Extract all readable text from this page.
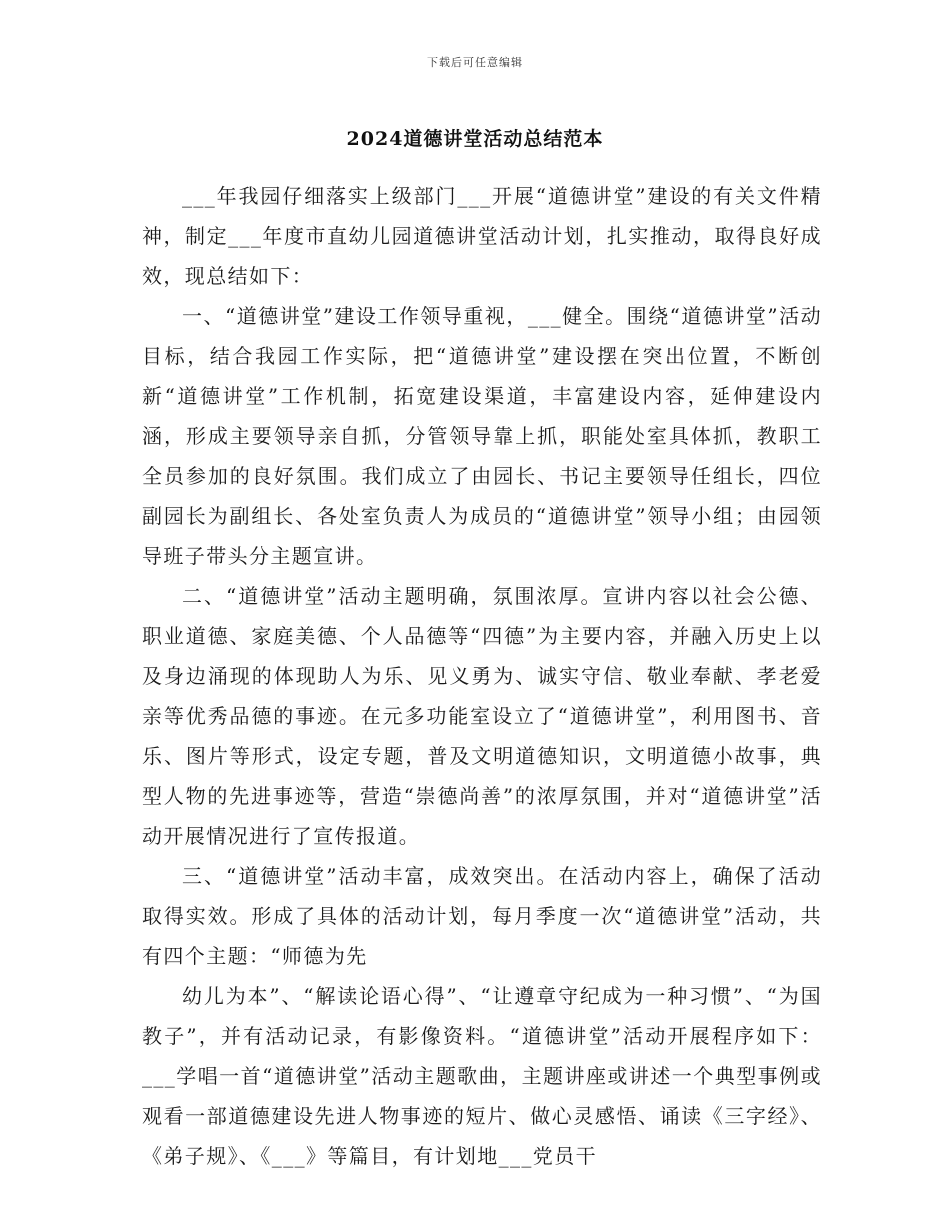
下载后可任意编辑
2024道德讲堂活动总结范本

___年我园仔细落实上级部门___开展“道德讲堂”建设的有关文件精神，制定___年度市直幼儿园道德讲堂活动计划，扎实推动，取得良好成效，现总结如下：

一、“道德讲堂”建设工作领导重视，___健全。围绕“道德讲堂”活动目标，结合我园工作实际，把“道德讲堂”建设摆在突出位置，不断创新“道德讲堂”工作机制，拓宽建设渠道，丰富建设内容，延伸建设内涵，形成主要领导亲自抓，分管领导靠上抓，职能处室具体抓，教职工全员参加的良好氛围。我们成立了由园长、书记主要领导任组长，四位副园长为副组长、各处室负责人为成员的“道德讲堂”领导小组；由园领导班子带头分主题宣讲。

二、“道德讲堂”活动主题明确，氛围浓厚。宣讲内容以社会公德、职业道德、家庭美德、个人品德等“四德”为主要内容，并融入历史上以及身边涌现的体现助人为乐、见义勇为、诚实守信、敬业奉献、孝老爱亲等优秀品德的事迹。在元多功能室设立了“道德讲堂”，利用图书、音乐、图片等形式，设定专题，普及文明道德知识，文明道德小故事，典型人物的先进事迹等，营造“崇德尚善”的浓厚氛围，并对“道德讲堂”活动开展情况进行了宣传报道。

三、“道德讲堂”活动丰富，成效突出。在活动内容上，确保了活动取得实效。形成了具体的活动计划，每月季度一次“道德讲堂”活动，共有四个主题：“师德为先

幼儿为本”、“解读论语心得”、“让遵章守纪成为一种习惯”、“为国教子”，并有活动记录，有影像资料。“道德讲堂”活动开展程序如下：___学唱一首“道德讲堂”活动主题歌曲，主题讲座或讲述一个典型事例或观看一部道德建设先进人物事迹的短片、做心灵感悟、诵读《三字经》、《弟子规》、《___》等篇目，有计划地___党员干
